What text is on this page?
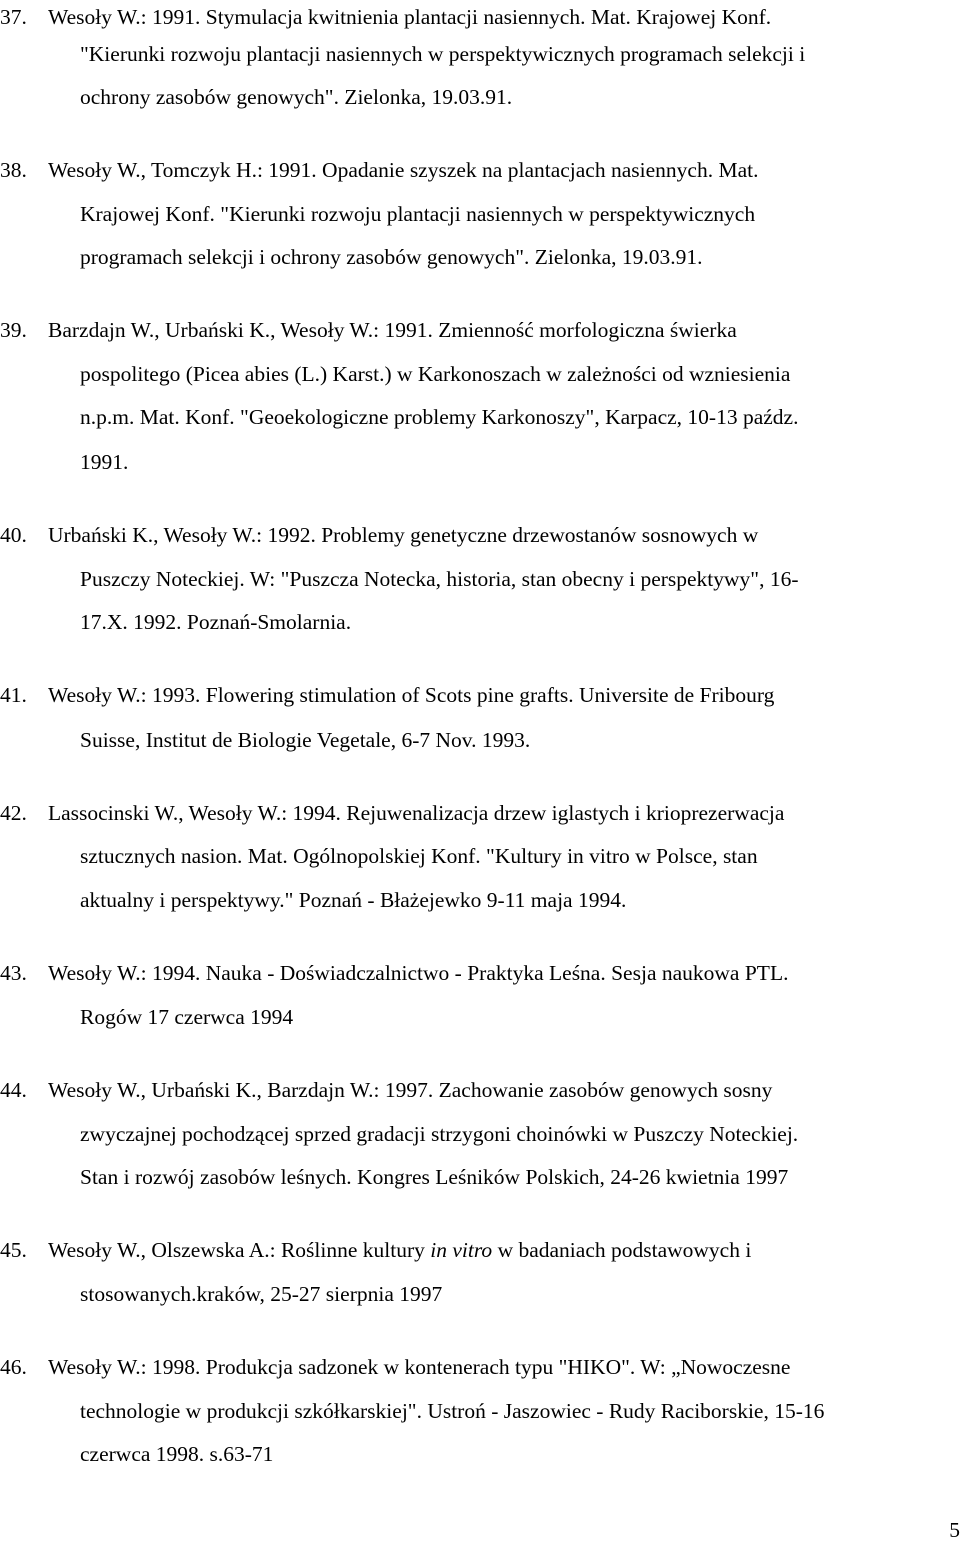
37. Wesoły W.: 1991. Stymulacja kwitnienia plantacji nasiennych. Mat. Krajowej Konf.
"Kierunki rozwoju plantacji nasiennych w perspektywicznych programach selekcji i
ochrony zasobów genowych". Zielonka, 19.03.91.
38. Wesoły W., Tomczyk H.: 1991. Opadanie szyszek na plantacjach nasiennych. Mat.
Krajowej Konf. "Kierunki rozwoju plantacji nasiennych w perspektywicznych
programach selekcji i ochrony zasobów genowych". Zielonka, 19.03.91.
39. Barzdajn W., Urbański K., Wesoły W.: 1991. Zmienność morfologiczna świerka
pospolitego (Picea abies (L.) Karst.) w Karkonoszach w zależności od wzniesienia
n.p.m. Mat. Konf. "Geoekologiczne problemy Karkonoszy", Karpacz, 10-13 paźdz.
1991.
40. Urbański K., Wesoły W.: 1992. Problemy genetyczne drzewostanów sosnowych w
Puszczy Noteckiej. W: "Puszcza Notecka, historia, stan obecny i perspektywy", 16-
17.X. 1992. Poznań-Smolarnia.
41. Wesoły W.: 1993. Flowering stimulation of Scots pine grafts. Universite de Fribourg
Suisse, Institut de Biologie Vegetale, 6-7 Nov. 1993.
42. Lassocinski W., Wesoły W.: 1994. Rejuwenalizacja drzew iglastych i krioprezerwacja
sztucznych nasion. Mat. Ogólnopolskiej Konf. "Kultury in vitro w Polsce, stan
aktualny i perspektywy." Poznań - Błażejewko 9-11 maja 1994.
43. Wesoły W.: 1994. Nauka - Doświadczalnictwo - Praktyka Leśna. Sesja naukowa PTL.
Rogów 17 czerwca 1994
44. Wesoły W., Urbański K., Barzdajn W.: 1997. Zachowanie zasobów genowych sosny
zwyczajnej pochodzącej sprzed gradacji strzygoni choinówki w Puszczy Noteckiej.
Stan i rozwój zasobów leśnych. Kongres Leśników Polskich, 24-26 kwietnia 1997
45. Wesoły W., Olszewska A.: Roślinne kultury in vitro w badaniach podstawowych i
stosowanych.kraków, 25-27 sierpnia 1997
46. Wesoły W.: 1998. Produkcja sadzonek w kontenerach typu "HIKO". W: „Nowoczesne
technologie w produkcji szkółkarskiej". Ustroń - Jaszowiec - Rudy Raciborskie, 15-16
czerwca 1998. s.63-71
5
